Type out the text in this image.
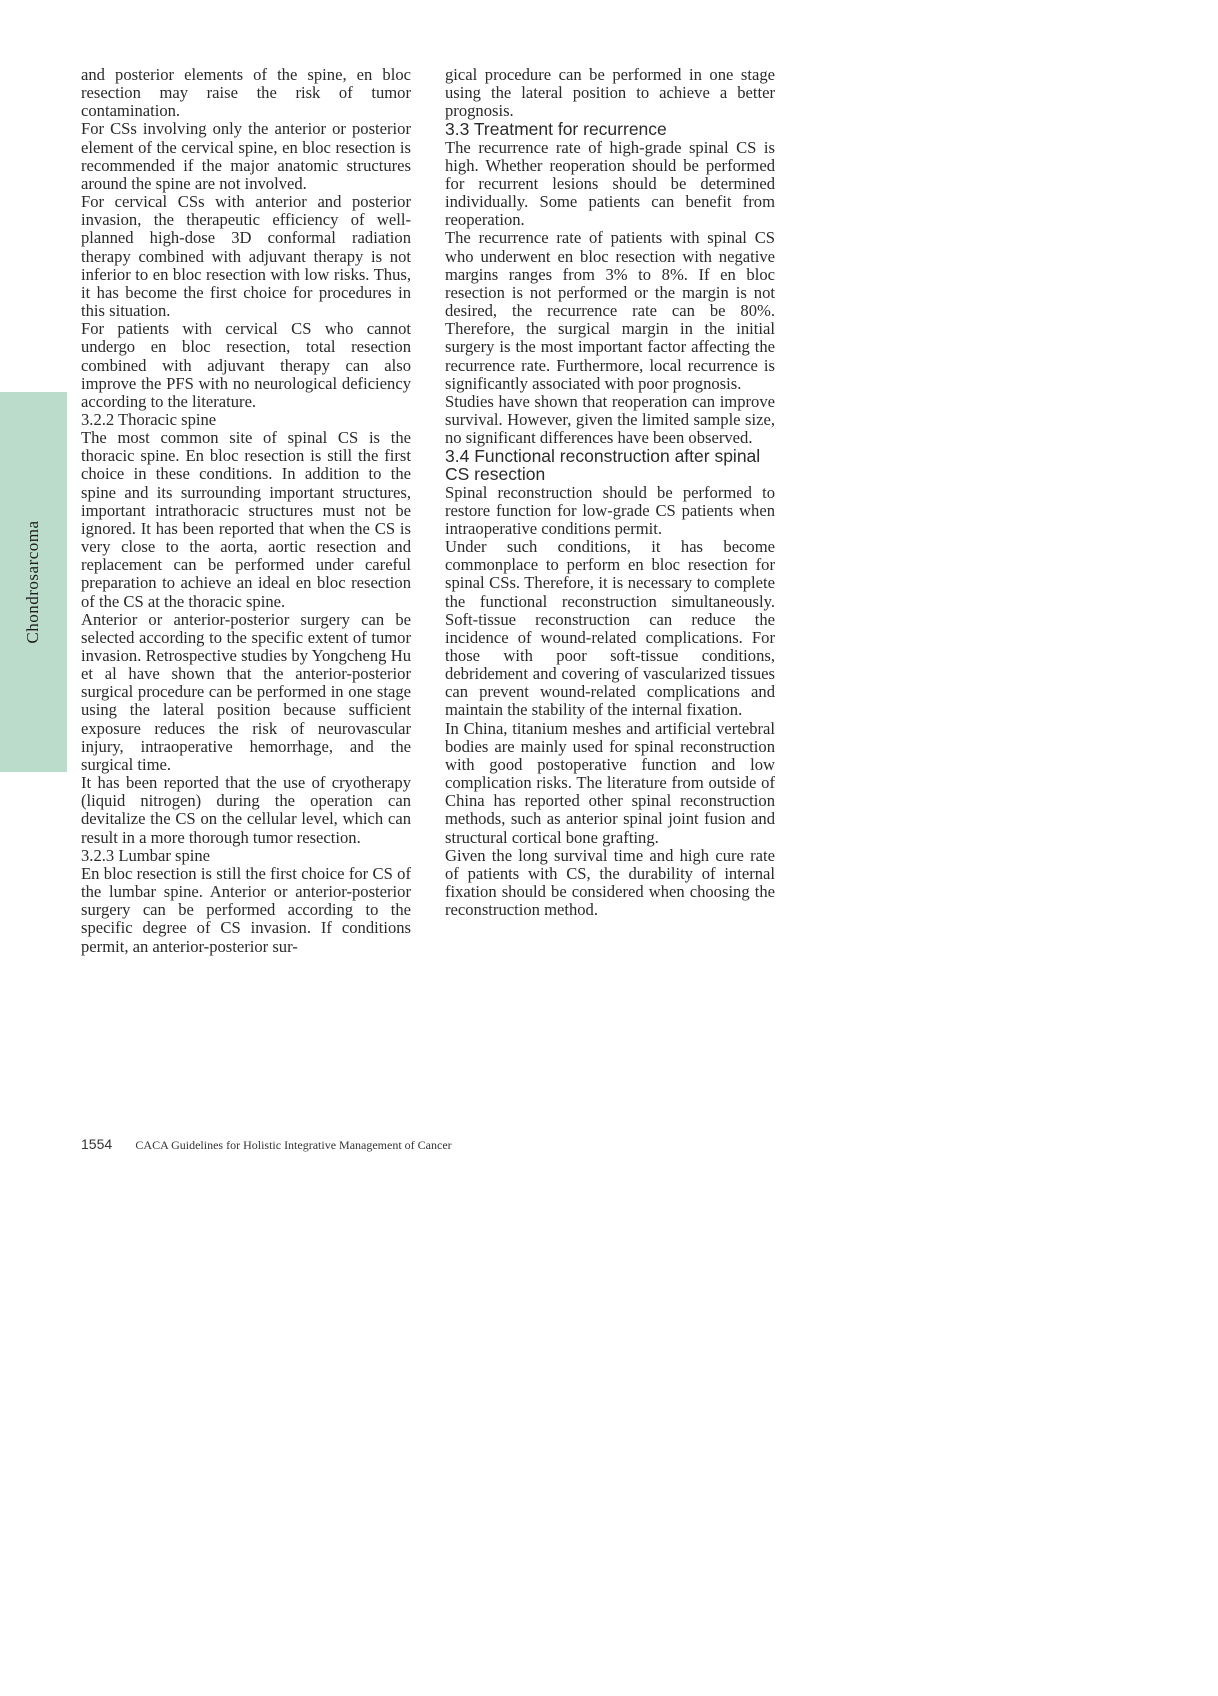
Chondrosarcoma

and posterior elements of the spine, en bloc resection may raise the risk of tumor contamination.

For CSs involving only the anterior or posterior element of the cervical spine, en bloc resection is recommended if the major anatomic structures around the spine are not involved.

For cervical CSs with anterior and posterior invasion, the therapeutic efficiency of well-planned high-dose 3D conformal radiation therapy combined with adjuvant therapy is not inferior to en bloc resection with low risks. Thus, it has become the first choice for procedures in this situation.

For patients with cervical CS who cannot undergo en bloc resection, total resection combined with adjuvant therapy can also improve the PFS with no neurological deficiency according to the literature.

3.2.2 Thoracic spine

The most common site of spinal CS is the thoracic spine. En bloc resection is still the first choice in these conditions. In addition to the spine and its surrounding important structures, important intrathoracic structures must not be ignored. It has been reported that when the CS is very close to the aorta, aortic resection and replacement can be performed under careful preparation to achieve an ideal en bloc resection of the CS at the thoracic spine.

Anterior or anterior-posterior surgery can be selected according to the specific extent of tumor invasion. Retrospective studies by Yongcheng Hu et al have shown that the anterior-posterior surgical procedure can be performed in one stage using the lateral position because sufficient exposure reduces the risk of neurovascular injury, intraoperative hemorrhage, and the surgical time.

It has been reported that the use of cryotherapy (liquid nitrogen) during the operation can devitalize the CS on the cellular level, which can result in a more thorough tumor resection.

3.2.3 Lumbar spine

En bloc resection is still the first choice for CS of the lumbar spine. Anterior or anterior-posterior surgery can be performed according to the specific degree of CS invasion. If conditions permit, an anterior-posterior sur-

gical procedure can be performed in one stage using the lateral position to achieve a better prognosis.

3.3 Treatment for recurrence

The recurrence rate of high-grade spinal CS is high. Whether reoperation should be performed for recurrent lesions should be determined individually. Some patients can benefit from reoperation.

The recurrence rate of patients with spinal CS who underwent en bloc resection with negative margins ranges from 3% to 8%. If en bloc resection is not performed or the margin is not desired, the recurrence rate can be 80%. Therefore, the surgical margin in the initial surgery is the most important factor affecting the recurrence rate. Furthermore, local recurrence is significantly associated with poor prognosis.

Studies have shown that reoperation can improve survival. However, given the limited sample size, no significant differences have been observed.

3.4 Functional reconstruction after spinal CS resection

Spinal reconstruction should be performed to restore function for low-grade CS patients when intraoperative conditions permit.

Under such conditions, it has become commonplace to perform en bloc resection for spinal CSs. Therefore, it is necessary to complete the functional reconstruction simultaneously. Soft-tissue reconstruction can reduce the incidence of wound-related complications. For those with poor soft-tissue conditions, debridement and covering of vascularized tissues can prevent wound-related complications and maintain the stability of the internal fixation.

In China, titanium meshes and artificial vertebral bodies are mainly used for spinal reconstruction with good postoperative function and low complication risks. The literature from outside of China has reported other spinal reconstruction methods, such as anterior spinal joint fusion and structural cortical bone grafting.

Given the long survival time and high cure rate of patients with CS, the durability of internal fixation should be considered when choosing the reconstruction method.

1554 CACA Guidelines for Holistic Integrative Management of Cancer
